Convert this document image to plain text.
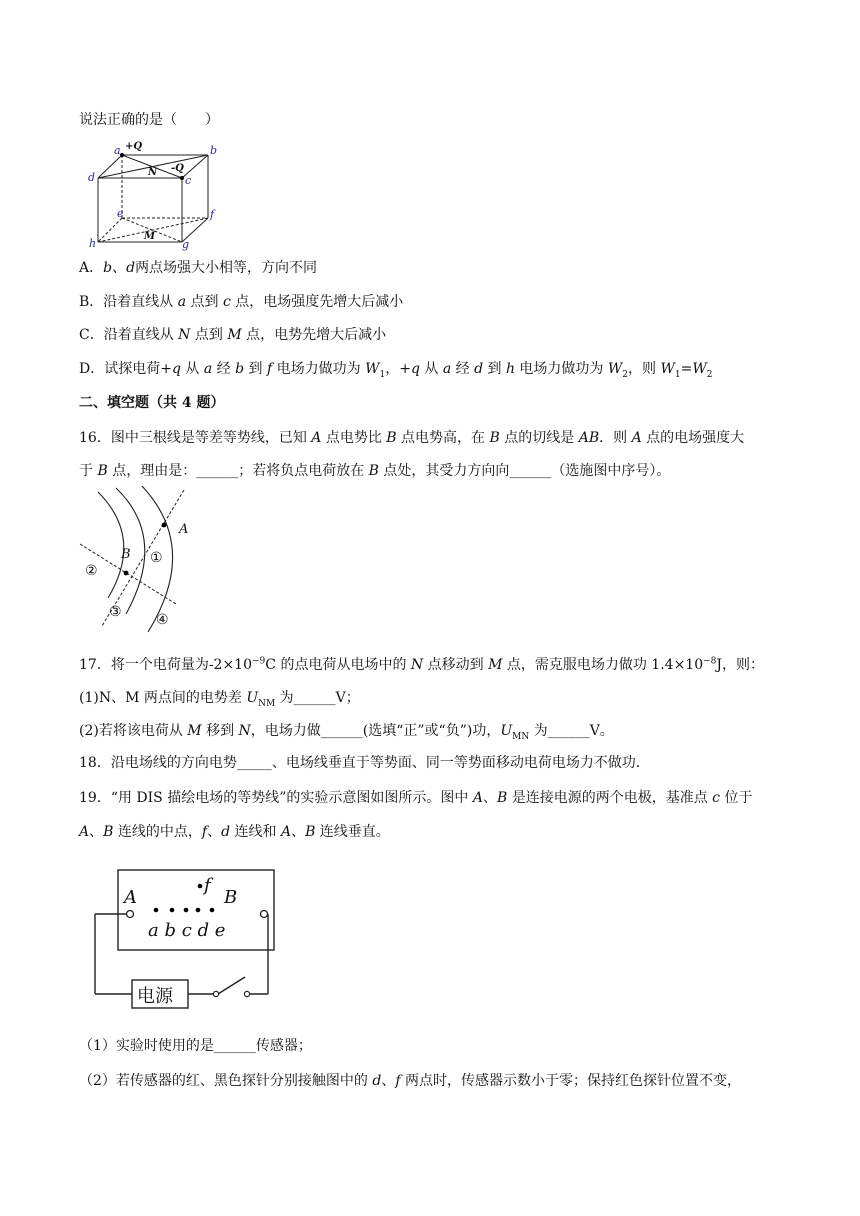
说法正确的是（　　）
a	b
c
d
e	f
h	g
+Q
-Q
N
M
A．b、d两点场强大小相等，方向不同
B．沿着直线从 a 点到 c 点，电场强度先增大后减小
C．沿着直线从 N 点到 M 点，电势先增大后减小
D．试探电荷+q 从 a 经 b 到 f 电场力做功为 $W_1$，+q 从 a 经 d 到 h 电场力做功为 $W_2$，则 $W_1=W_2$
二、填空题（共 4 题）
16．图中三根线是等差等势线，已知 A 点电势比 B 点电势高，在 B 点的切线是 AB．则 A 点的电场强度大
于 B 点，理由是：______；若将负点电荷放在 B 点处，其受力方向向______（选施图中序号）。
A
B ①
②
③ ④
17．将一个电荷量为$-2\times 10^{-9}C$ 的点电荷从电场中的 N 点移动到 M 点，需克服电场力做功 $1.4\times 10^{-8}J$，则：
(1)N、M 两点间的电势差 $U_{NM}$ 为______V；
(2)若将该电荷从 M 移到 N，电场力做______(选填“正”或“负”)功，$U_{MN}$ 为______V。
18．沿电场线的方向电势_____、电场线垂直于等势面、同一等势面移动电荷电场力不做功.
19．“用 DIS 描绘电场的等势线”的实验示意图如图所示。图中 A、B 是连接电源的两个电极，基准点 c 位于
A、B 连线的中点，f、d 连线和 A、B 连线垂直。
A	B
f
a b c d e
电源
（1）实验时使用的是______传感器；
（2）若传感器的红、黑色探针分别接触图中的 d、f 两点时，传感器示数小于零；保持红色探针位置不变，
